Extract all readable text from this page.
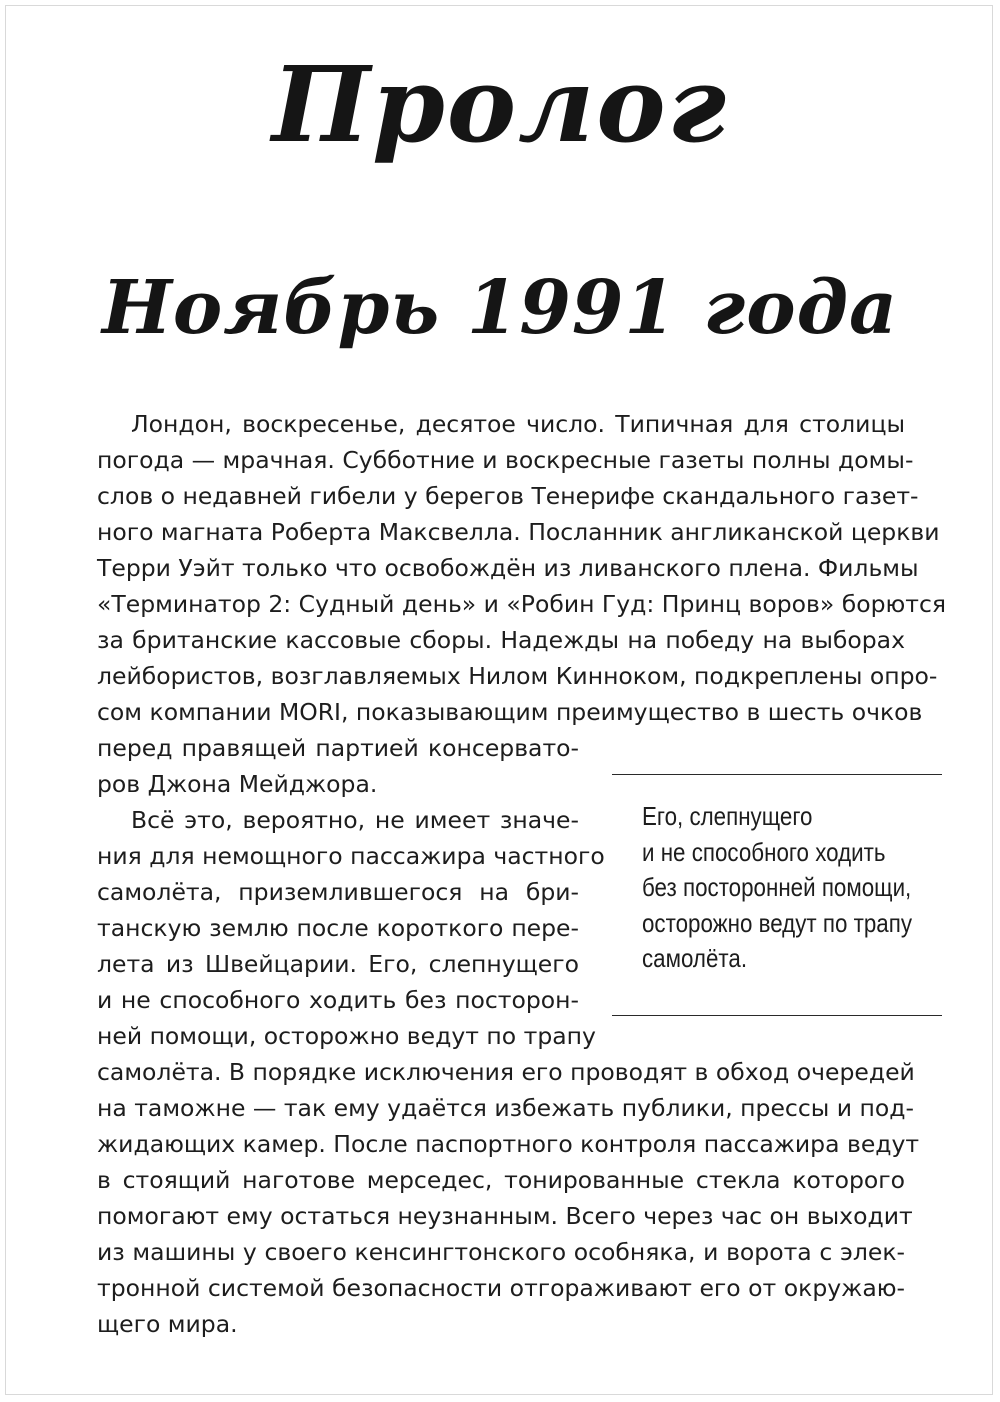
Пролог
Ноябрь 1991 года
Лондон, воскресенье, десятое число. Типичная для столицы
погода — мрачная. Субботние и воскресные газеты полны домы-
слов о недавней гибели у берегов Тенерифе скандального газет-
ного магната Роберта Максвелла. Посланник англиканской церкви
Терри Уэйт только что освобождён из ливанского плена. Фильмы
«Терминатор 2: Судный день» и «Робин Гуд: Принц воров» борются
за британские кассовые сборы. Надежды на победу на выборах
лейбористов, возглавляемых Нилом Кинноком, подкреплены опро-
сом компании MORI, показывающим преимущество в шесть очков
перед правящей партией консервато-
ров Джона Мейджора.
Всё это, вероятно, не имеет значе-
ния для немощного пассажира частного
самолёта, приземлившегося на бри-
танскую землю после короткого пере-
лета из Швейцарии. Его, слепнущего
и не способного ходить без посторон-
ней помощи, осторожно ведут по трапу
самолёта. В порядке исключения его проводят в обход очередей
на таможне — так ему удаётся избежать публики, прессы и под-
жидающих камер. После паспортного контроля пассажира ведут
в стоящий наготове мерседес, тонированные стекла которого
помогают ему остаться неузнанным. Всего через час он выходит
из машины у своего кенсингтонского особняка, и ворота с элек-
тронной системой безопасности отгораживают его от окружаю-
щего мира.
Его, слепнущего
и не способного ходить
без посторонней помощи,
осторожно ведут по трапу
самолёта.
